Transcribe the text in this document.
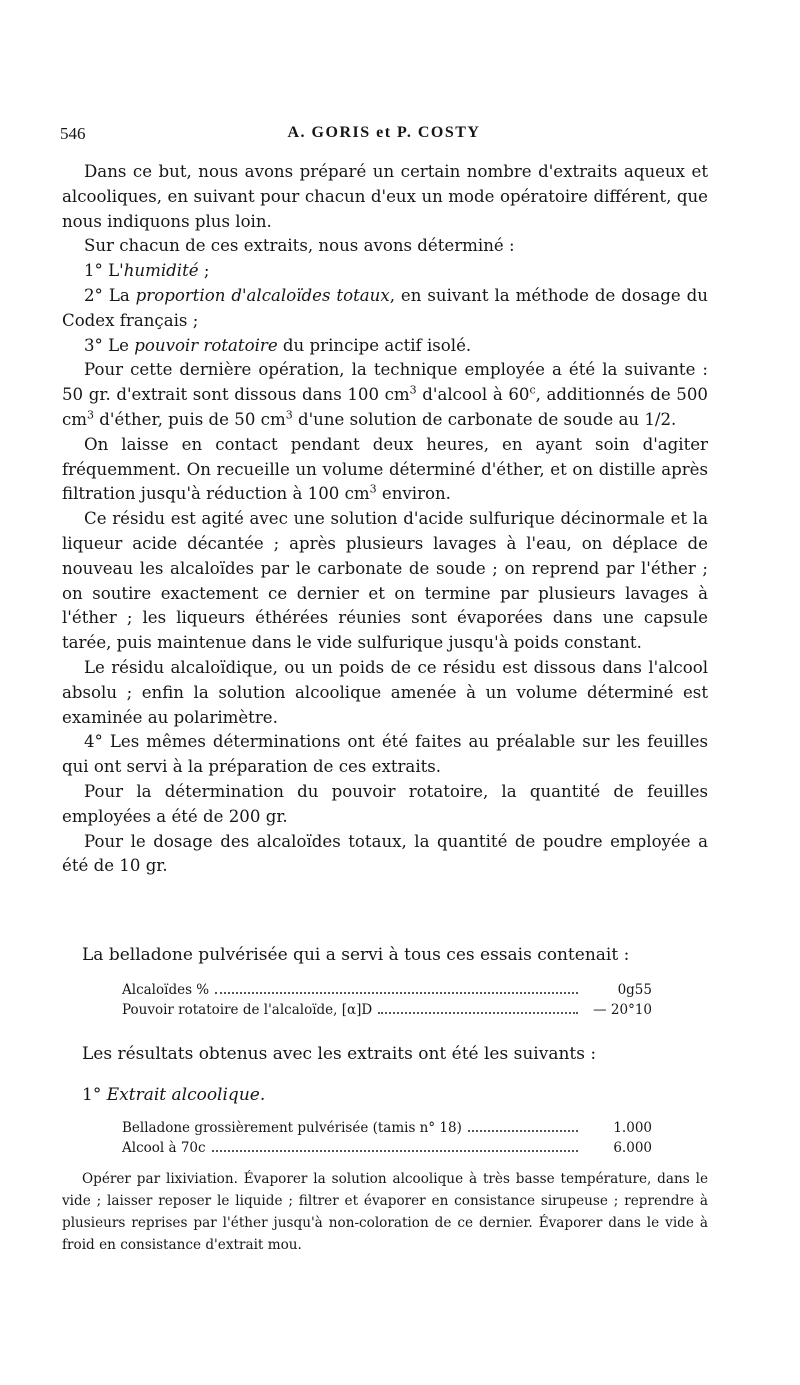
546	A. GORIS et P. COSTY

Dans ce but, nous avons préparé un certain nombre d'extraits aqueux et alcooliques, en suivant pour chacun d'eux un mode opératoire différent, que nous indiquons plus loin.

Sur chacun de ces extraits, nous avons déterminé :

1° L'humidité ;

2° La proportion d'alcaloïdes totaux, en suivant la méthode de dosage du Codex français ;

3° Le pouvoir rotatoire du principe actif isolé.

Pour cette dernière opération, la technique employée a été la suivante : 50 gr. d'extrait sont dissous dans 100 $cm^3$ d'alcool à 60$^c$, additionnés de 500 $cm^3$ d'éther, puis de 50 $cm^3$ d'une solution de carbonate de soude au 1/2.

On laisse en contact pendant deux heures, en ayant soin d'agiter fréquemment. On recueille un volume déterminé d'éther, et on distille après filtration jusqu'à réduction à 100 $cm^3$ environ.

Ce résidu est agité avec une solution d'acide sulfurique décinormale et la liqueur acide décantée ; après plusieurs lavages à l'eau, on déplace de nouveau les alcaloïdes par le carbonate de soude ; on reprend par l'éther ; on soutire exactement ce dernier et on termine par plusieurs lavages à l'éther ; les liqueurs éthérées réunies sont évaporées dans une capsule tarée, puis maintenue dans le vide sulfurique jusqu'à poids constant.

Le résidu alcaloïdique, ou un poids de ce résidu est dissous dans l'alcool absolu ; enfin la solution alcoolique amenée à un volume déterminé est examinée au polarimètre.

4° Les mêmes déterminations ont été faites au préalable sur les feuilles qui ont servi à la préparation de ces extraits.

Pour la détermination du pouvoir rotatoire, la quantité de feuilles employées a été de 200 gr.

Pour le dosage des alcaloïdes totaux, la quantité de poudre employée a été de 10 gr.

La belladone pulvérisée qui a servi à tous ces essais contenait :
Alcaloïdes %	0g55
Pouvoir rotatoire de l'alcaloïde, [α]D	— 20°10
Les résultats obtenus avec les extraits ont été les suivants :
1° Extrait alcoolique.
Belladone grossièrement pulvérisée (tamis n° 18)	1.000
Alcool à 70c	6.000
Opérer par lixiviation. Évaporer la solution alcoolique à très basse température, dans le vide ; laisser reposer le liquide ; filtrer et évaporer en consistance sirupeuse ; reprendre à plusieurs reprises par l'éther jusqu'à non-coloration de ce dernier. Évaporer dans le vide à froid en consistance d'extrait mou.
